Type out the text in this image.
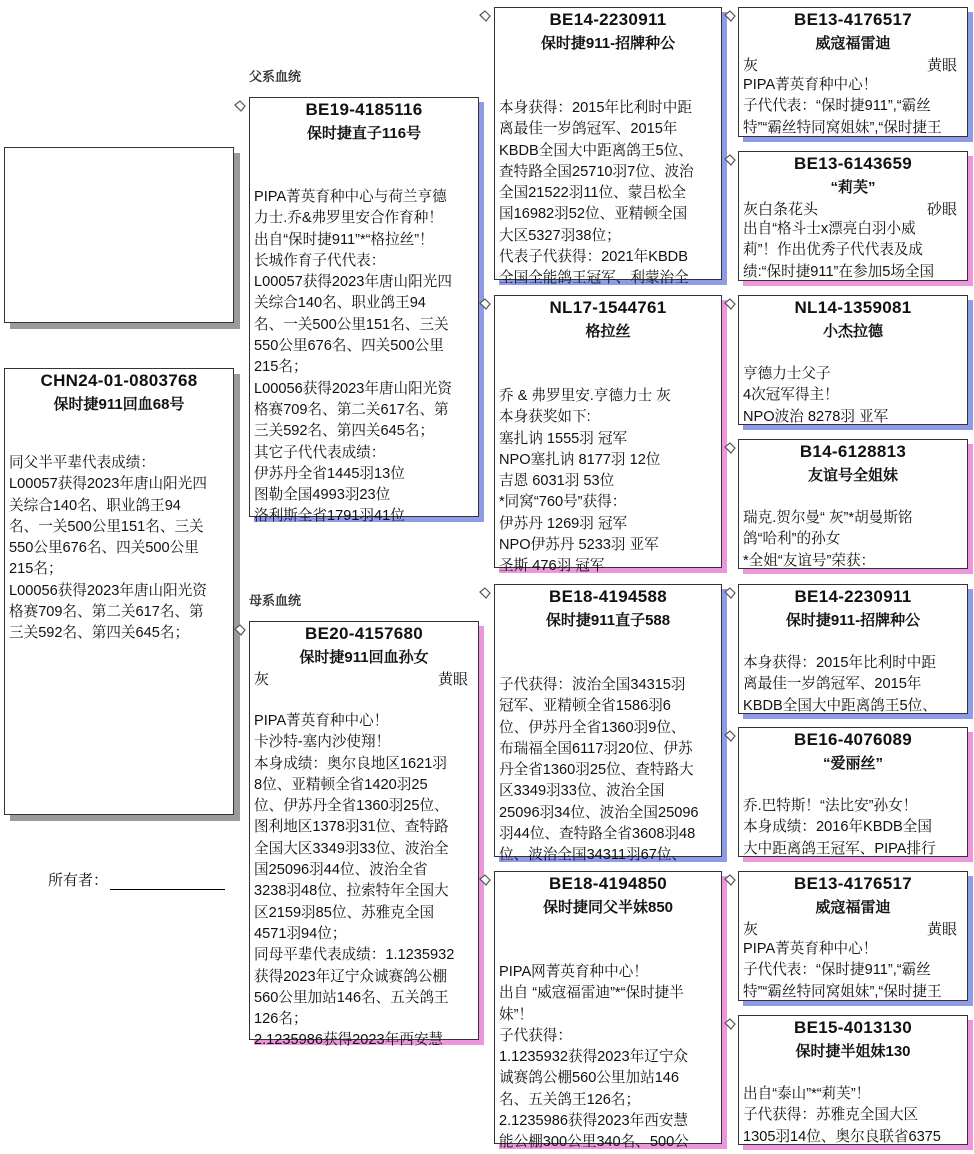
父系血统
母系血统
CHN24-01-0803768
保时捷911回血68号
同父半平辈代表成绩：
L00057获得2023年唐山阳光四
关综合140名、职业鸽王94
名、一关500公里151名、三关
550公里676名、四关500公里
215名；
L00056获得2023年唐山阳光资
格赛709名、第二关617名、第
三关592名、第四关645名；
所有者：
BE19-4185116
保时捷直子116号
PIPA菁英育种中心与荷兰亨德
力士.乔&弗罗里安合作育种！
出自“保时捷911”*“格拉丝”！
长城作育子代代表：
L00057获得2023年唐山阳光四
关综合140名、职业鸽王94
名、一关500公里151名、三关
550公里676名、四关500公里
215名；
L00056获得2023年唐山阳光资
格赛709名、第二关617名、第
三关592名、第四关645名；
其它子代代表成绩：
伊苏丹全省1445羽13位
图勒全国4993羽23位
洛利斯全省1791羽41位
BE20-4157680
保时捷911回血孙女
灰	黄眼
PIPA菁英育种中心！
卡沙特-塞内沙使翔！
本身成绩：奥尔良地区1621羽
8位、亚精顿全省1420羽25
位、伊苏丹全省1360羽25位、
图利地区1378羽31位、查特路
全国大区3349羽33位、波治全
国25096羽44位、波治全省
3238羽48位、拉索特年全国大
区2159羽85位、苏雅克全国
4571羽94位；
同母平辈代表成绩：1.1235932
获得2023年辽宁众诚赛鸽公棚
560公里加站146名、五关鸽王
126名；
2.1235986获得2023年西安慧
BE14-2230911
保时捷911-招牌种公
本身获得：2015年比利时中距
离最佳一岁鸽冠军、2015年
KBDB全国大中距离鸽王5位、
查特路全国25710羽7位、波治
全国21522羽11位、蒙吕松全
国16982羽52位、亚精顿全国
大区5327羽38位；
代表子代获得：2021年KBDB
全国全能鸽王冠军、利蒙治全
NL17-1544761
格拉丝
乔 & 弗罗里安.亨德力士 灰
本身获奖如下:
塞扎讷 1555羽 冠军
NPO塞扎讷 8177羽 12位
吉恩 6031羽 53位
*同窝“760号”获得：
伊苏丹 1269羽 冠军
NPO伊苏丹 5233羽 亚军
圣斯 476羽 冠军
BE18-4194588
保时捷911直子588
子代获得：波治全国34315羽
冠军、亚精顿全省1586羽6
位、伊苏丹全省1360羽9位、
布瑞福全国6117羽20位、伊苏
丹全省1360羽25位、查特路大
区3349羽33位、波治全国
25096羽34位、波治全国25096
羽44位、查特路全省3608羽48
位、波治全国34311羽67位、
BE18-4194850
保时捷同父半妹850
PIPA网菁英育种中心！
出自 “威寇福雷迪”*“保时捷半
妹”！
子代获得：
1.1235932获得2023年辽宁众
诚赛鸽公棚560公里加站146
名、五关鸽王126名；
2.1235986获得2023年西安慧
能公棚300公里340名、500公
BE13-4176517
威寇福雷迪
灰	黄眼
PIPA菁英育种中心！
子代代表：“保时捷911”,“霸丝
特”“霸丝特同窝姐妹”,“保时捷王
BE13-6143659
“莉芙”
灰白条花头	砂眼
出自“格斗士x漂亮白羽小威
莉”！作出优秀子代代表及成
绩:“保时捷911”在参加5场全国
NL14-1359081
小杰拉德
亨德力士父子
4次冠军得主！
NPO波治 8278羽 亚军
B14-6128813
友谊号全姐妹
瑞克.贺尔曼“ 灰”*胡曼斯铭
鸽“哈利”的孙女
*全姐“友谊号”荣获：
BE14-2230911
保时捷911-招牌种公
本身获得：2015年比利时中距
离最佳一岁鸽冠军、2015年
KBDB全国大中距离鸽王5位、
BE16-4076089
“爱丽丝”
乔.巴特斯！“法比安”孙女！
本身成绩：2016年KBDB全国
大中距离鸽王冠军、PIPA排行
BE13-4176517
威寇福雷迪
灰	黄眼
PIPA菁英育种中心！
子代代表：“保时捷911”,“霸丝
特”“霸丝特同窝姐妹”,“保时捷王
BE15-4013130
保时捷半姐妹130
出自“泰山”*“莉芙”！
子代获得：苏雅克全国大区
1305羽14位、奥尔良联省6375
